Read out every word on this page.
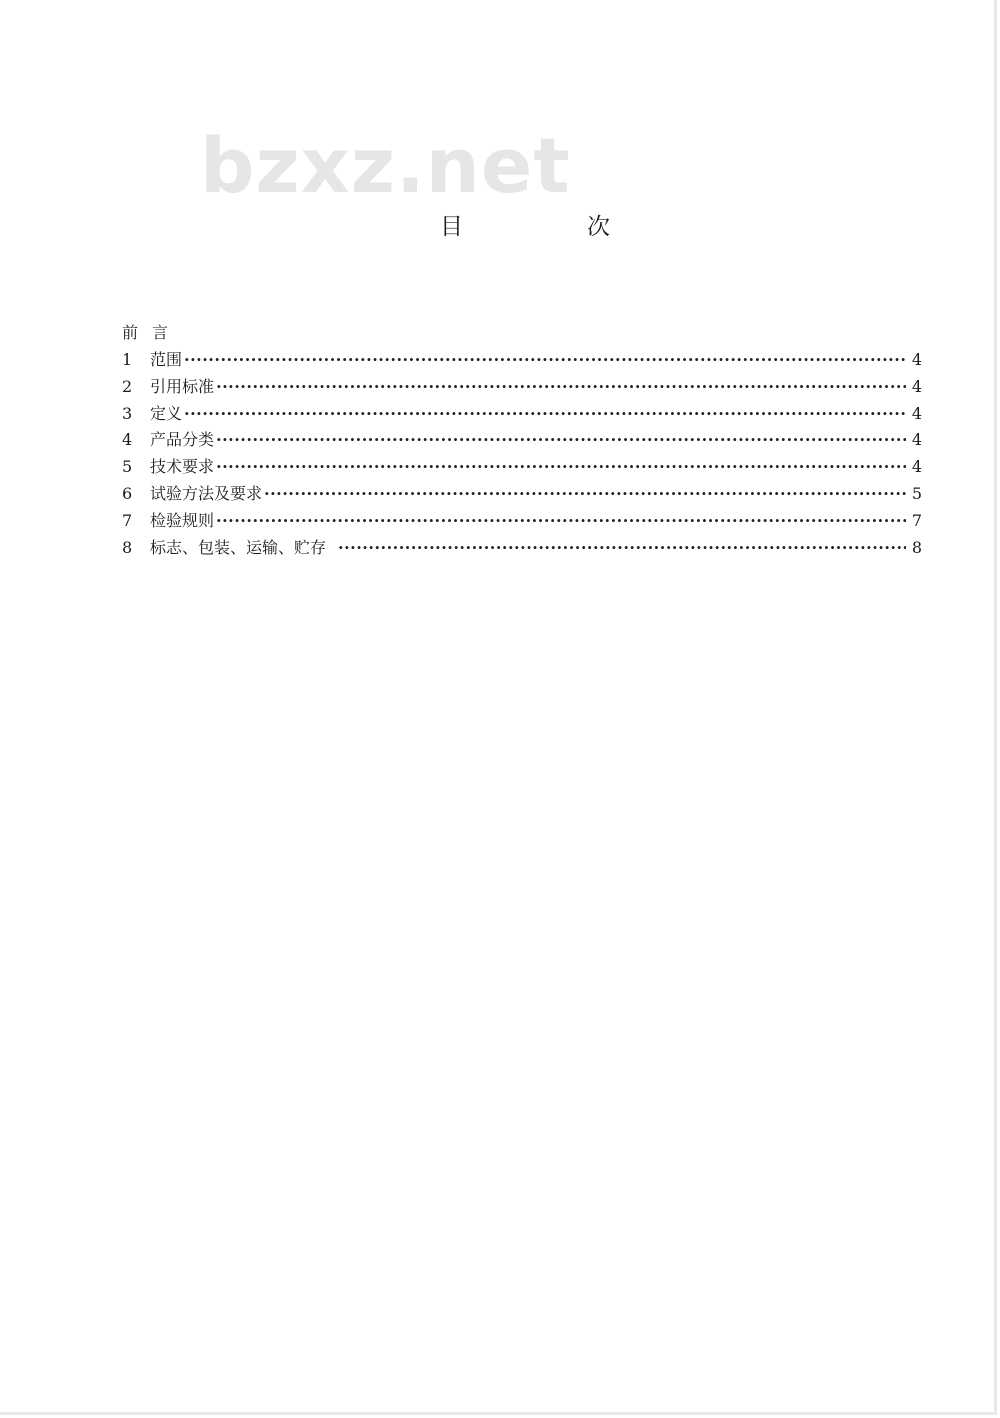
bzxz.net
目	次
前言
1	范围 ·····	4
2	引用标准 ·····	4
3	定义 ·····	4
4	产品分类 ·····	4
5	技术要求 ·····	4
6	试验方法及要求 ·····	5
7	检验规则 ·····	7
8	标志、包装、运输、贮存 ·····	8
